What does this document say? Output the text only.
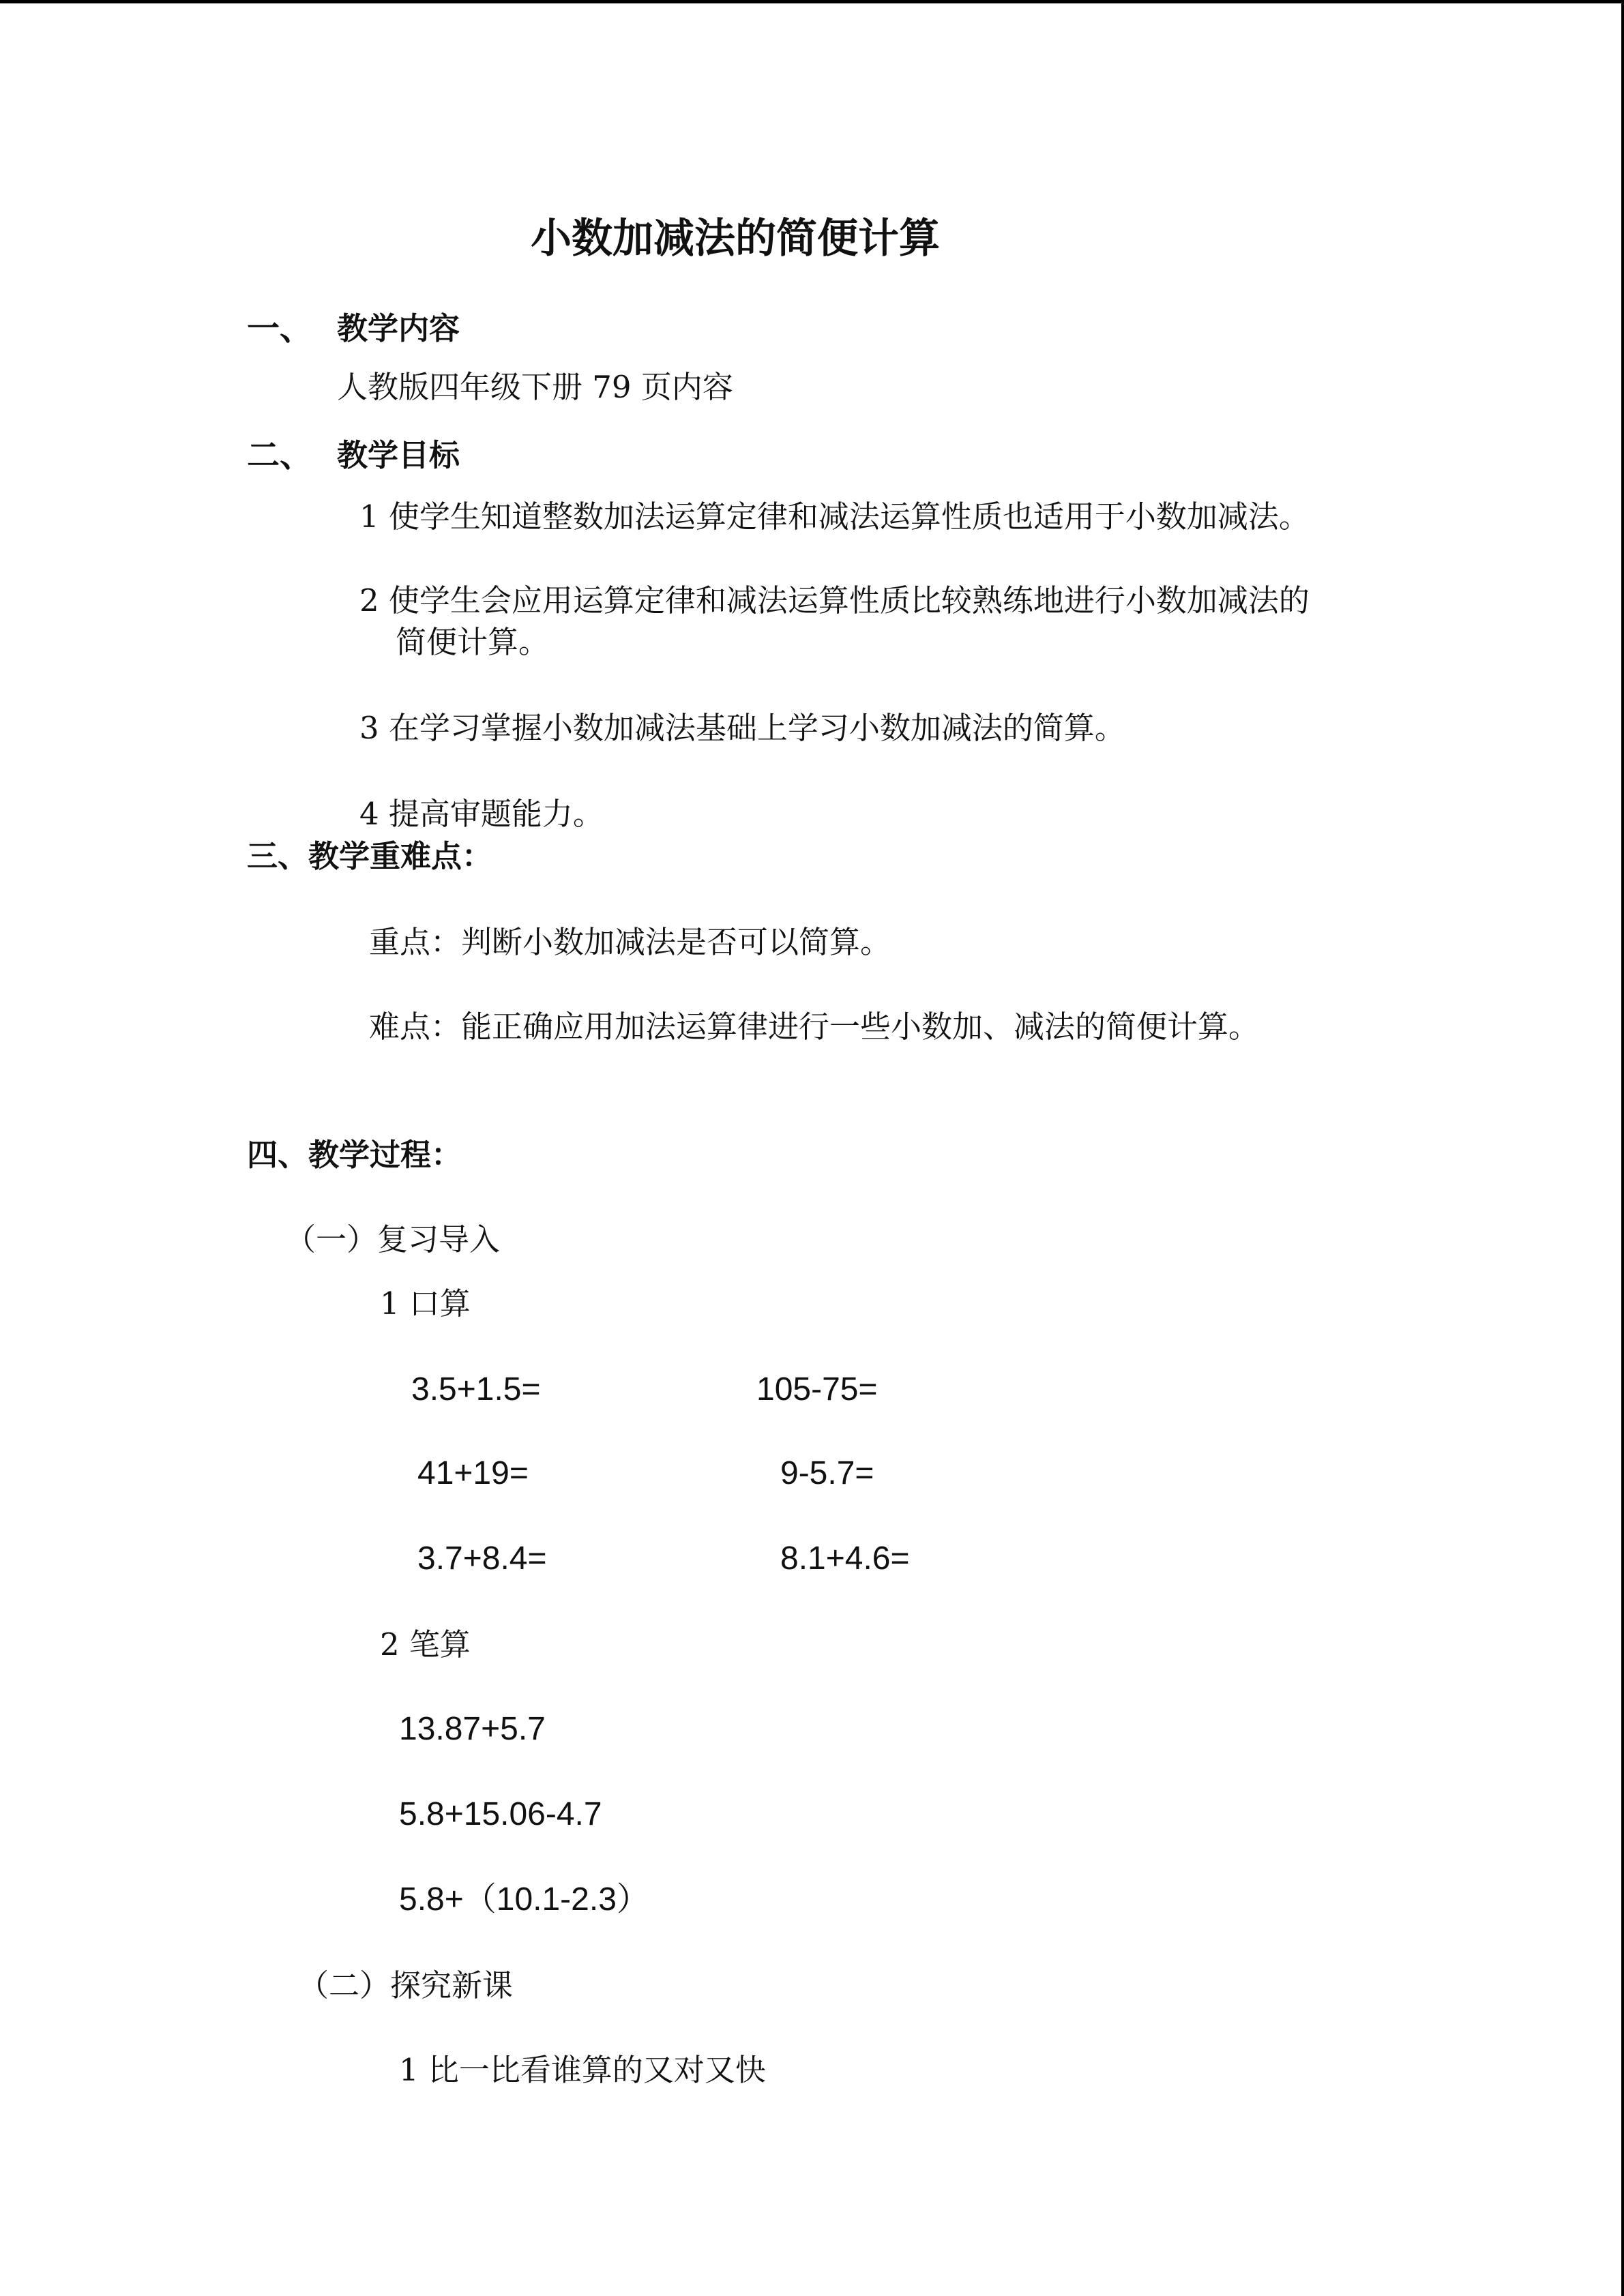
小数加减法的简便计算
一、 教学内容
人教版四年级下册 79 页内容
二、 教学目标
1 使学生知道整数加法运算定律和减法运算性质也适用于小数加减法。
2 使学生会应用运算定律和减法运算性质比较熟练地进行小数加减法的
简便计算。
3 在学习掌握小数加减法基础上学习小数加减法的简算。
4 提高审题能力。
三、教学重难点：
重点：判断小数加减法是否可以简算。
难点：能正确应用加法运算律进行一些小数加、减法的简便计算。
四、教学过程：
（一）复习导入
1 口算
3.5+1.5=	105-75=
41+19=	9-5.7=
3.7+8.4=	8.1+4.6=
2 笔算
13.87+5.7
5.8+15.06-4.7
5.8+（10.1-2.3）
（二）探究新课
1 比一比看谁算的又对又快
